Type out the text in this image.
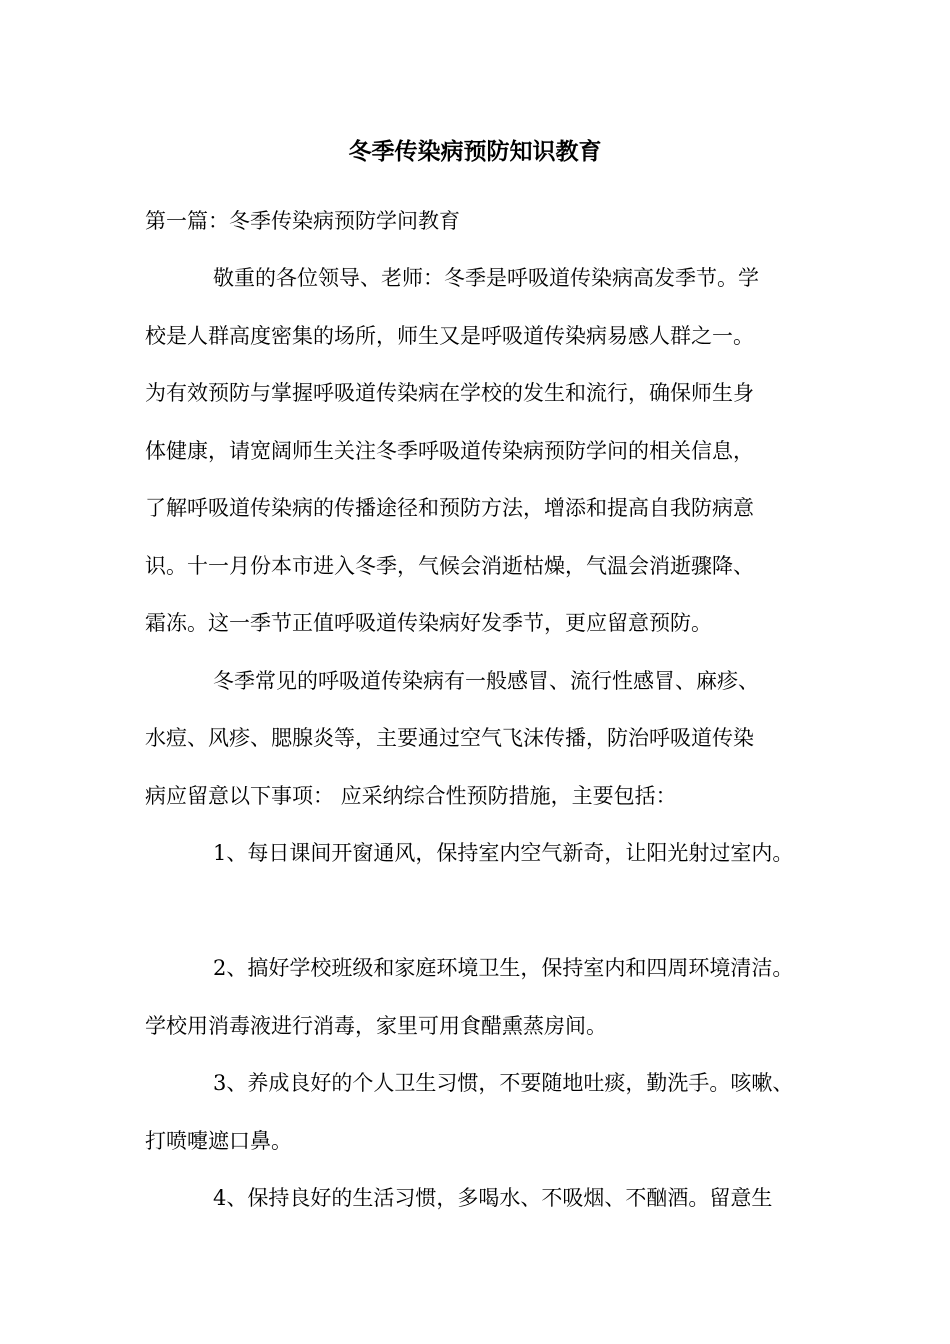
冬季传染病预防知识教育
第一篇：冬季传染病预防学问教育
敬重的各位领导、老师：冬季是呼吸道传染病高发季节。学
校是人群高度密集的场所，师生又是呼吸道传染病易感人群之一。
为有效预防与掌握呼吸道传染病在学校的发生和流行，确保师生身
体健康，请宽阔师生关注冬季呼吸道传染病预防学问的相关信息，
了解呼吸道传染病的传播途径和预防方法，增添和提高自我防病意
识。十一月份本市进入冬季，气候会消逝枯燥，气温会消逝骤降、
霜冻。这一季节正值呼吸道传染病好发季节，更应留意预防。
冬季常见的呼吸道传染病有一般感冒、流行性感冒、麻疹、
水痘、风疹、腮腺炎等，主要通过空气飞沫传播，防治呼吸道传染
病应留意以下事项： 应采纳综合性预防措施，主要包括：
1、每日课间开窗通风，保持室内空气新奇，让阳光射过室内。
2、搞好学校班级和家庭环境卫生，保持室内和四周环境清洁。
学校用消毒液进行消毒，家里可用食醋熏蒸房间。
3、养成良好的个人卫生习惯，不要随地吐痰，勤洗手。咳嗽、
打喷嚏遮口鼻。
4、保持良好的生活习惯，多喝水、不吸烟、不酗酒。留意生
